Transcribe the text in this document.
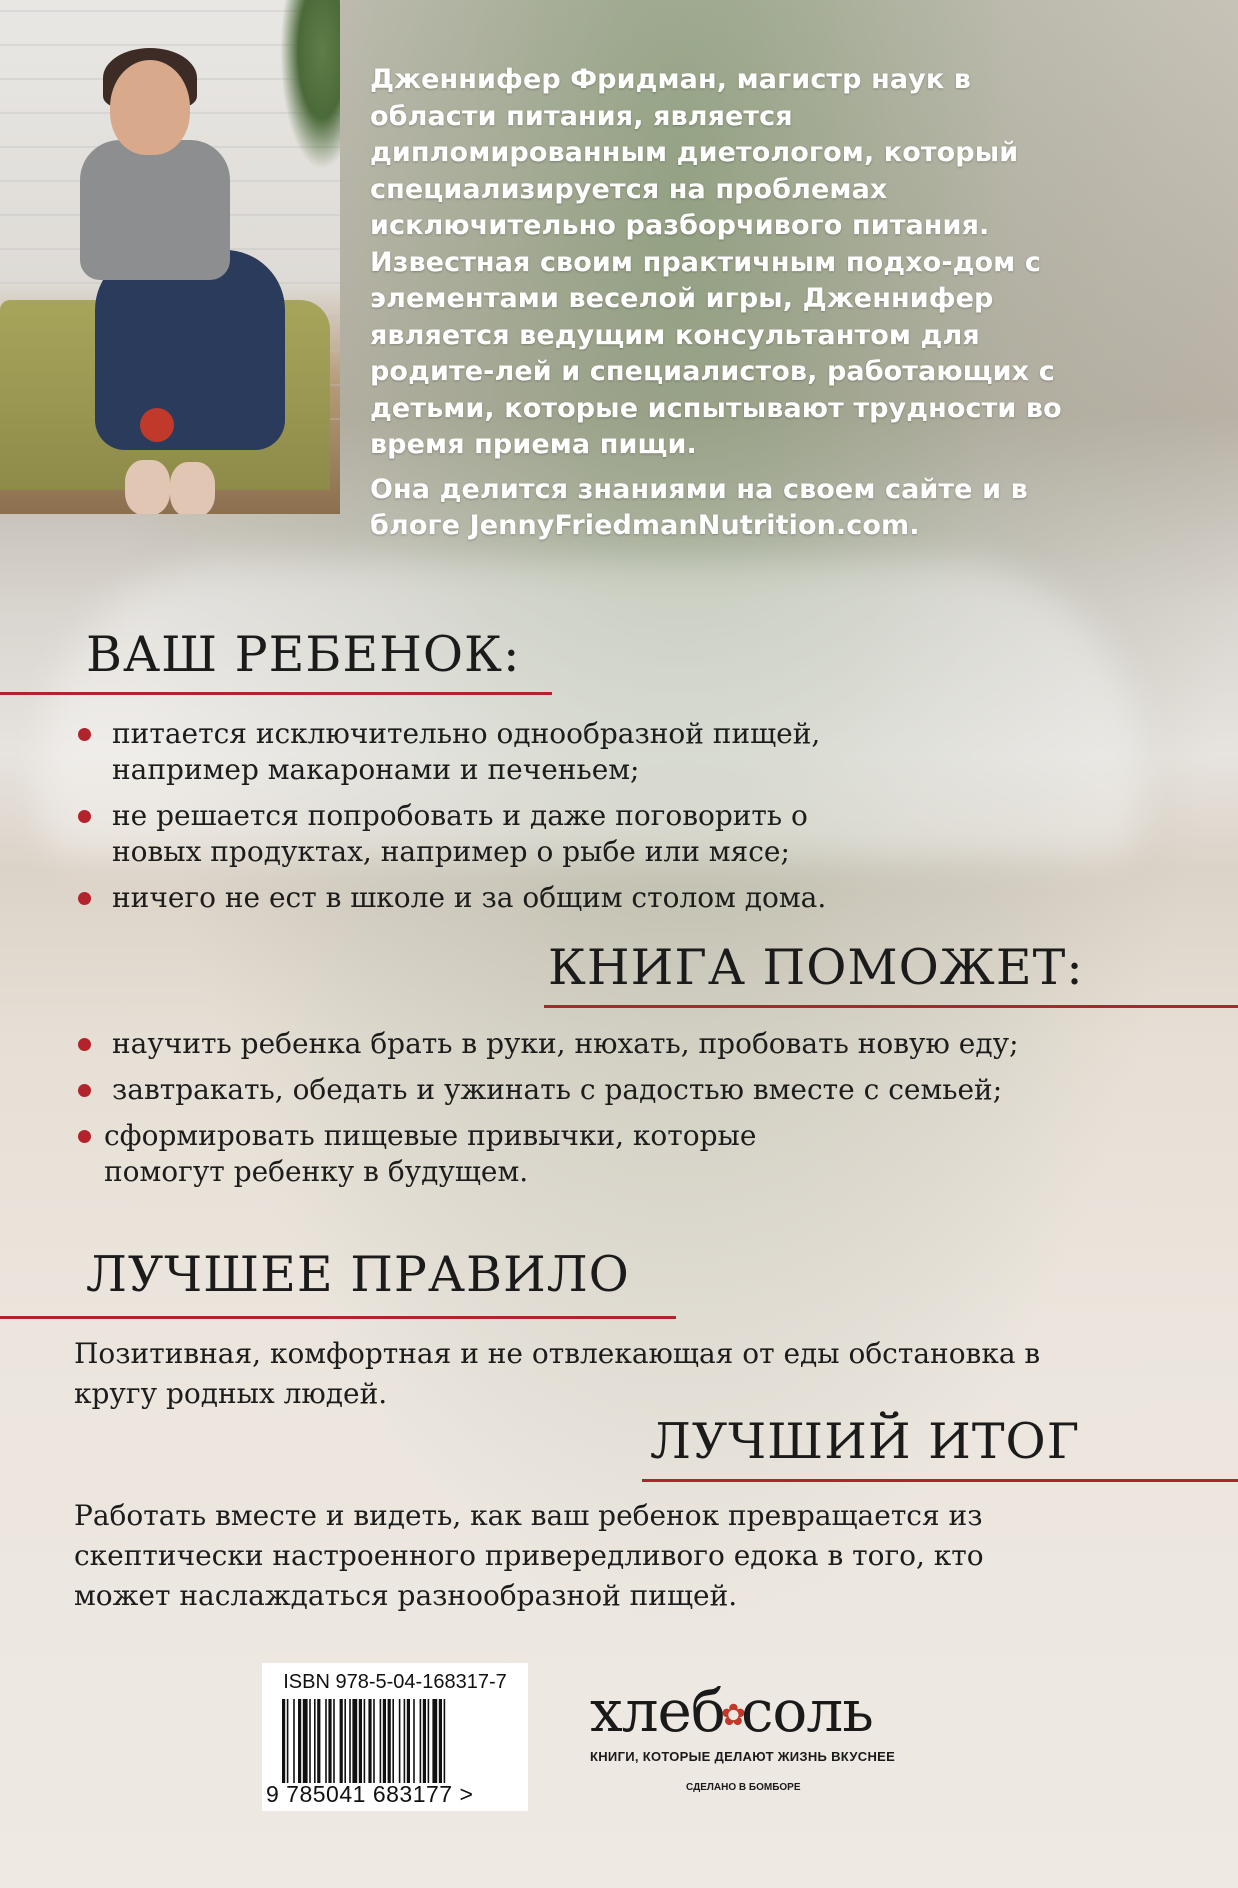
Дженнифер Фридман, магистр наук в области питания, является дипломированным диетологом, который специализируется на проблемах исключительно разборчивого питания. Известная своим практичным подхо-дом с элементами веселой игры, Дженнифер является ведущим консультантом для родите-лей и специалистов, работающих с детьми, которые испытывают трудности во время приема пищи.

Она делится знаниями на своем сайте и в блоге JennyFriedmanNutrition.com.

ВАШ РЕБЕНОК:
питается исключительно однообразной пищей, например макаронами и печеньем;
не решается попробовать и даже поговорить о новых продуктах, например о рыбе или мясе;
ничего не ест в школе и за общим столом дома.
КНИГА ПОМОЖЕТ:
научить ребенка брать в руки, нюхать, пробовать новую еду;
завтракать, обедать и ужинать с радостью вместе с семьей;
сформировать пищевые привычки, которые помогут ребенку в будущем.
ЛУЧШЕЕ ПРАВИЛО
Позитивная, комфортная и не отвлекающая от еды обстановка в кругу родных людей.
ЛУЧШИЙ ИТОГ
Работать вместе и видеть, как ваш ребенок превращается из скептически настроенного привередливого едока в того, кто может наслаждаться разнообразной пищей.
ISBN 978-5-04-168317-7
9 785041 683177 >
хлеб✿соль
КНИГИ, КОТОРЫЕ ДЕЛАЮТ ЖИЗНЬ ВКУСНЕЕ
СДЕЛАНО В БОМБОРЕ
